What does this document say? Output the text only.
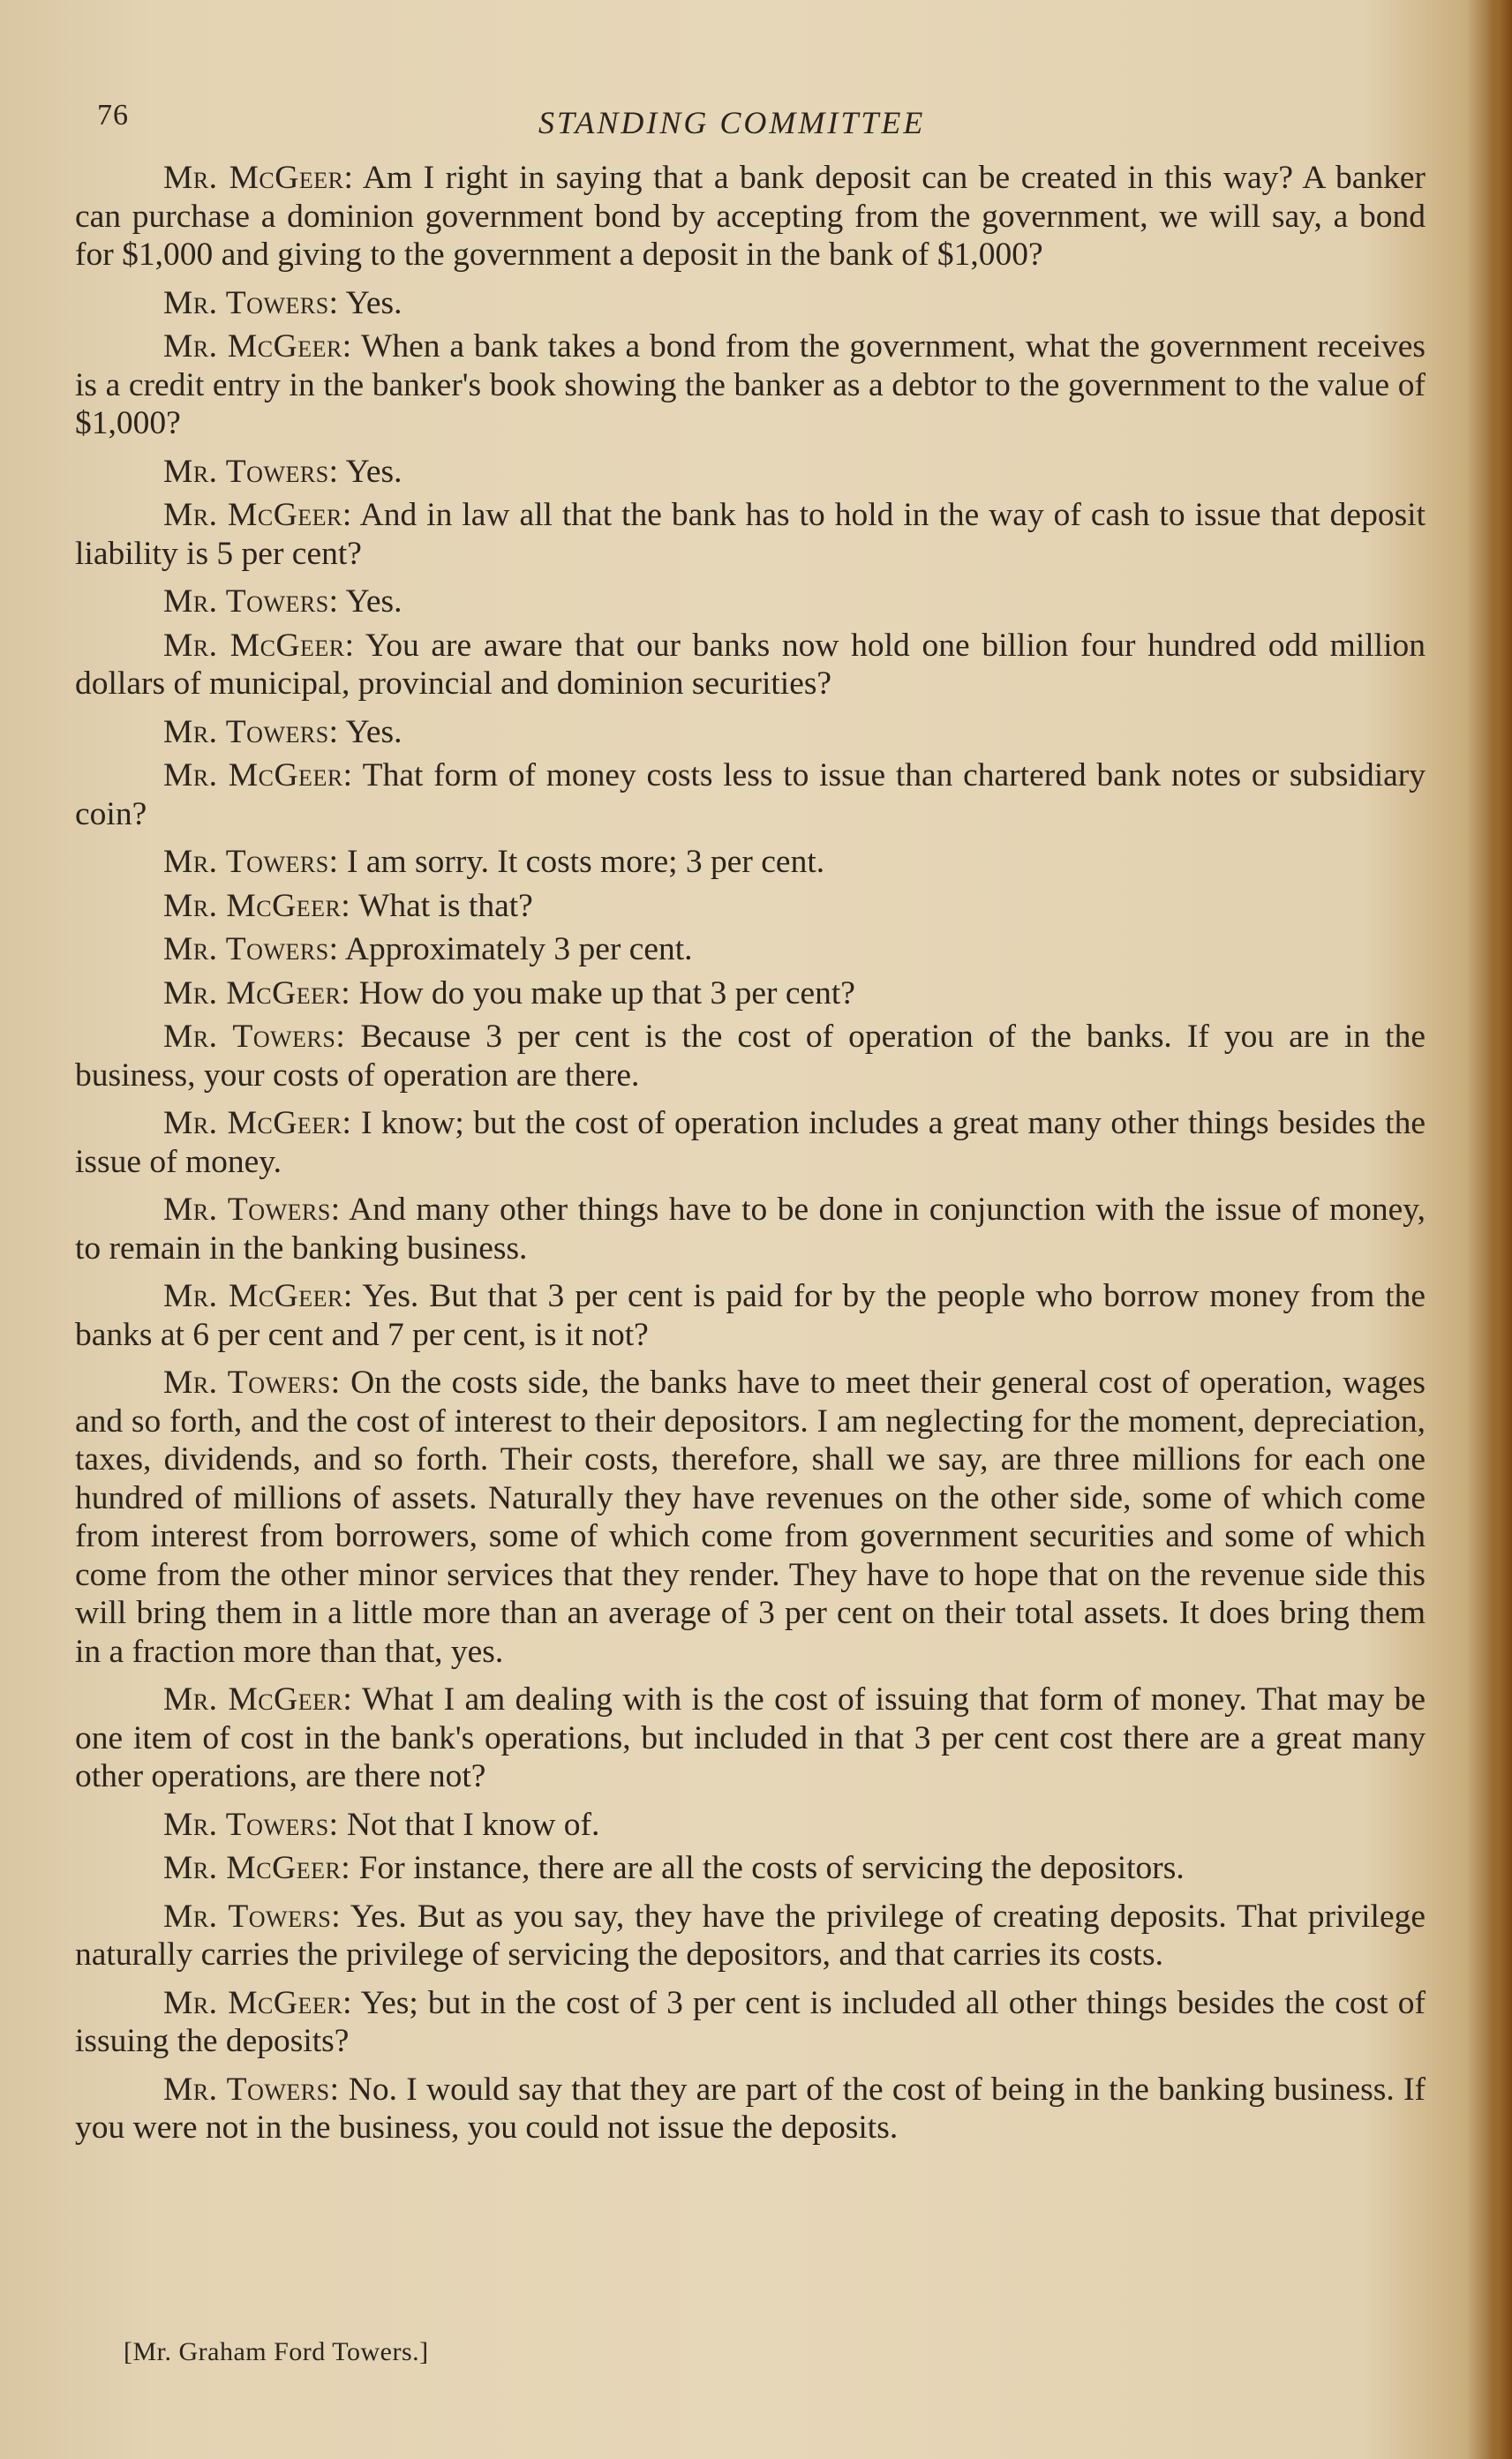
76	STANDING COMMITTEE

Mr. McGeer: Am I right in saying that a bank deposit can be created in this way? A banker can purchase a dominion government bond by accepting from the government, we will say, a bond for $1,000 and giving to the government a deposit in the bank of $1,000?

Mr. Towers: Yes.

Mr. McGeer: When a bank takes a bond from the government, what the government receives is a credit entry in the banker's book showing the banker as a debtor to the government to the value of $1,000?

Mr. Towers: Yes.

Mr. McGeer: And in law all that the bank has to hold in the way of cash to issue that deposit liability is 5 per cent?

Mr. Towers: Yes.

Mr. McGeer: You are aware that our banks now hold one billion four hundred odd million dollars of municipal, provincial and dominion securities?

Mr. Towers: Yes.

Mr. McGeer: That form of money costs less to issue than chartered bank notes or subsidiary coin?

Mr. Towers: I am sorry. It costs more; 3 per cent.

Mr. McGeer: What is that?

Mr. Towers: Approximately 3 per cent.

Mr. McGeer: How do you make up that 3 per cent?

Mr. Towers: Because 3 per cent is the cost of operation of the banks. If you are in the business, your costs of operation are there.

Mr. McGeer: I know; but the cost of operation includes a great many other things besides the issue of money.

Mr. Towers: And many other things have to be done in conjunction with the issue of money, to remain in the banking business.

Mr. McGeer: Yes. But that 3 per cent is paid for by the people who borrow money from the banks at 6 per cent and 7 per cent, is it not?

Mr. Towers: On the costs side, the banks have to meet their general cost of operation, wages and so forth, and the cost of interest to their depositors. I am neglecting for the moment, depreciation, taxes, dividends, and so forth. Their costs, therefore, shall we say, are three millions for each one hundred of millions of assets. Naturally they have revenues on the other side, some of which come from interest from borrowers, some of which come from government securities and some of which come from the other minor services that they render. They have to hope that on the revenue side this will bring them in a little more than an average of 3 per cent on their total assets. It does bring them in a fraction more than that, yes.

Mr. McGeer: What I am dealing with is the cost of issuing that form of money. That may be one item of cost in the bank's operations, but included in that 3 per cent cost there are a great many other operations, are there not?

Mr. Towers: Not that I know of.

Mr. McGeer: For instance, there are all the costs of servicing the depositors.

Mr. Towers: Yes. But as you say, they have the privilege of creating deposits. That privilege naturally carries the privilege of servicing the depositors, and that carries its costs.

Mr. McGeer: Yes; but in the cost of 3 per cent is included all other things besides the cost of issuing the deposits?

Mr. Towers: No. I would say that they are part of the cost of being in the banking business. If you were not in the business, you could not issue the deposits.

[Mr. Graham Ford Towers.]
